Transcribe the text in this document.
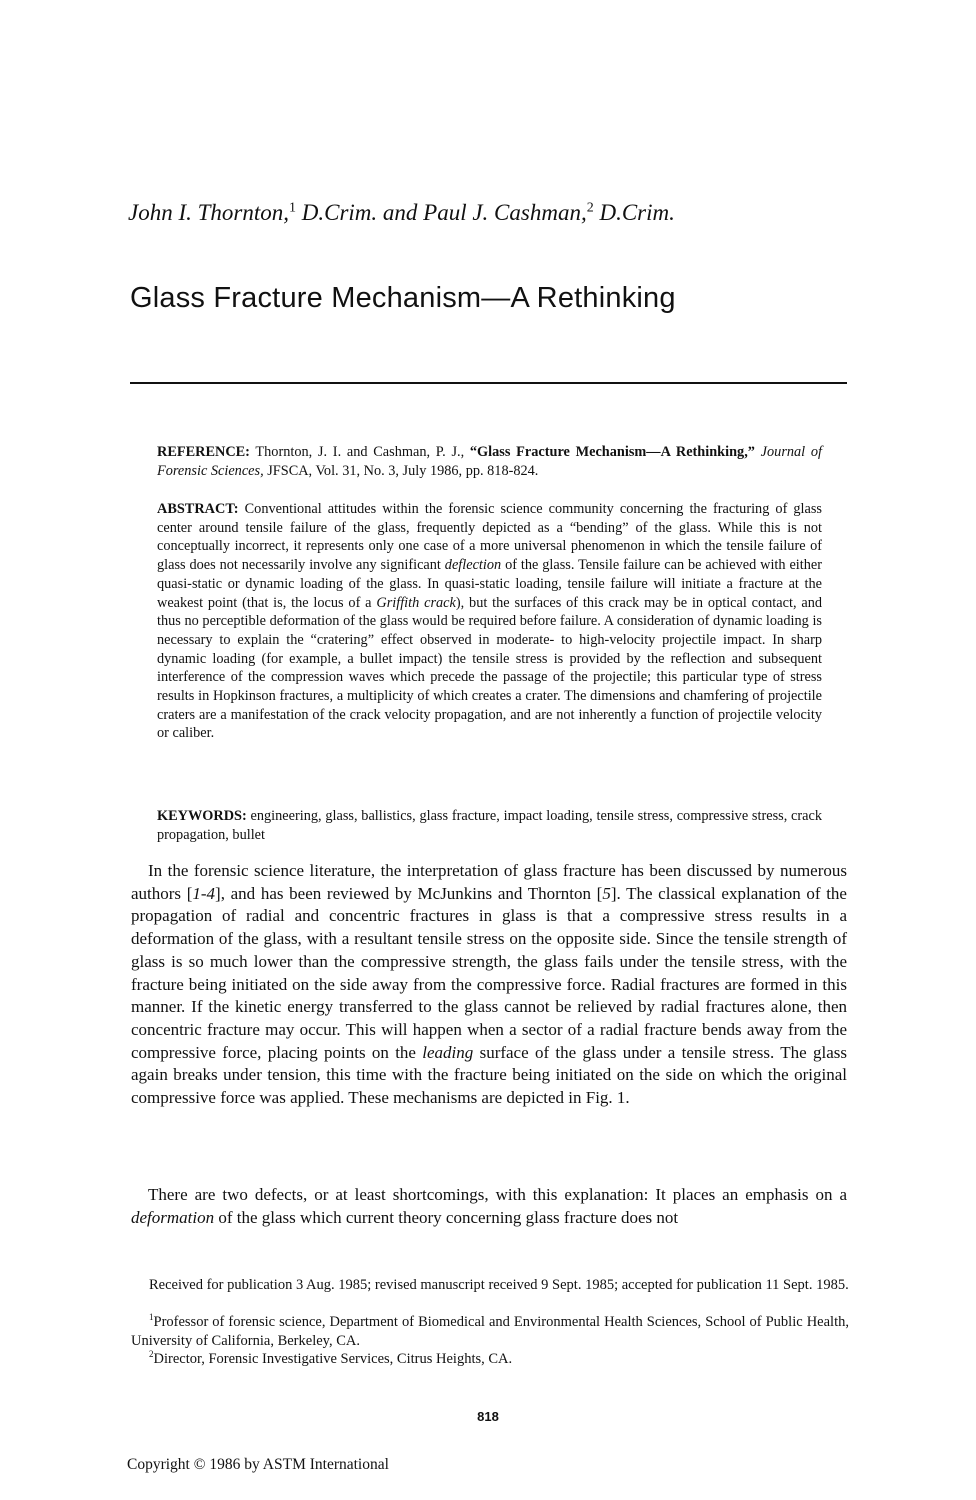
John I. Thornton,$^1$ D.Crim. and Paul J. Cashman,$^2$ D.Crim.
Glass Fracture Mechanism—A Rethinking
REFERENCE: Thornton, J. I. and Cashman, P. J., “Glass Fracture Mechanism—A Rethinking,” Journal of Forensic Sciences, JFSCA, Vol. 31, No. 3, July 1986, pp. 818-824.
ABSTRACT: Conventional attitudes within the forensic science community concerning the fracturing of glass center around tensile failure of the glass, frequently depicted as a “bending” of the glass. While this is not conceptually incorrect, it represents only one case of a more universal phenomenon in which the tensile failure of glass does not necessarily involve any significant deflection of the glass. Tensile failure can be achieved with either quasi-static or dynamic loading of the glass. In quasi-static loading, tensile failure will initiate a fracture at the weakest point (that is, the locus of a Griffith crack), but the surfaces of this crack may be in optical contact, and thus no perceptible deformation of the glass would be required before failure. A consideration of dynamic loading is necessary to explain the “cratering” effect observed in moderate- to high-velocity projectile impact. In sharp dynamic loading (for example, a bullet impact) the tensile stress is provided by the reflection and subsequent interference of the compression waves which precede the passage of the projectile; this particular type of stress results in Hopkinson fractures, a multiplicity of which creates a crater. The dimensions and chamfering of projectile craters are a manifestation of the crack velocity propagation, and are not inherently a function of projectile velocity or caliber.
KEYWORDS: engineering, glass, ballistics, glass fracture, impact loading, tensile stress, compressive stress, crack propagation, bullet
In the forensic science literature, the interpretation of glass fracture has been discussed by numerous authors [1-4], and has been reviewed by McJunkins and Thornton [5]. The classical explanation of the propagation of radial and concentric fractures in glass is that a compressive stress results in a deformation of the glass, with a resultant tensile stress on the opposite side. Since the tensile strength of glass is so much lower than the compressive strength, the glass fails under the tensile stress, with the fracture being initiated on the side away from the compressive force. Radial fractures are formed in this manner. If the kinetic energy transferred to the glass cannot be relieved by radial fractures alone, then concentric fracture may occur. This will happen when a sector of a radial fracture bends away from the compressive force, placing points on the leading surface of the glass under a tensile stress. The glass again breaks under tension, this time with the fracture being initiated on the side on which the original compressive force was applied. These mechanisms are depicted in Fig. 1.
There are two defects, or at least shortcomings, with this explanation: It places an emphasis on a deformation of the glass which current theory concerning glass fracture does not
Received for publication 3 Aug. 1985; revised manuscript received 9 Sept. 1985; accepted for publication 11 Sept. 1985.
$^1$Professor of forensic science, Department of Biomedical and Environmental Health Sciences, School of Public Health, University of California, Berkeley, CA.
$^2$Director, Forensic Investigative Services, Citrus Heights, CA.
818
Copyright © 1986 by ASTM International
